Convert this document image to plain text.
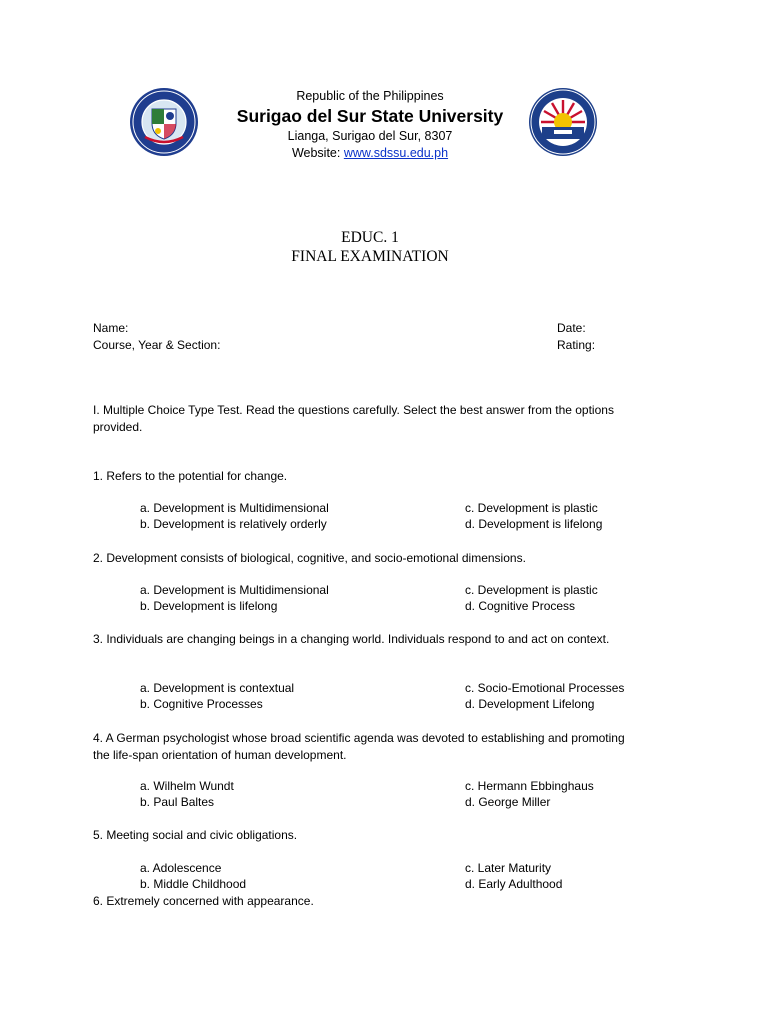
Republic of the Philippines
Surigao del Sur State University
Lianga, Surigao del Sur, 8307
Website: www.sdssu.edu.ph
EDUC. 1
FINAL EXAMINATION
Name:
Course, Year & Section:
Date:
Rating:
I. Multiple Choice Type Test. Read the questions carefully. Select the best answer from the options provided.
1. Refers to the potential for change.
a. Development is Multidimensional
b. Development is relatively orderly
c. Development is plastic
d. Development is lifelong
2. Development consists of biological, cognitive, and socio-emotional dimensions.
a. Development is Multidimensional
b. Development is lifelong
c. Development is plastic
d. Cognitive Process
3. Individuals are changing beings in a changing world. Individuals respond to and act on context.
a. Development is contextual
b. Cognitive Processes
c. Socio-Emotional Processes
d. Development Lifelong
4. A German psychologist whose broad scientific agenda was devoted to establishing and promoting the life-span orientation of human development.
a. Wilhelm Wundt
b. Paul Baltes
c. Hermann Ebbinghaus
d. George Miller
5. Meeting social and civic obligations.
a. Adolescence
b. Middle Childhood
c. Later Maturity
d. Early Adulthood
6. Extremely concerned with appearance.
